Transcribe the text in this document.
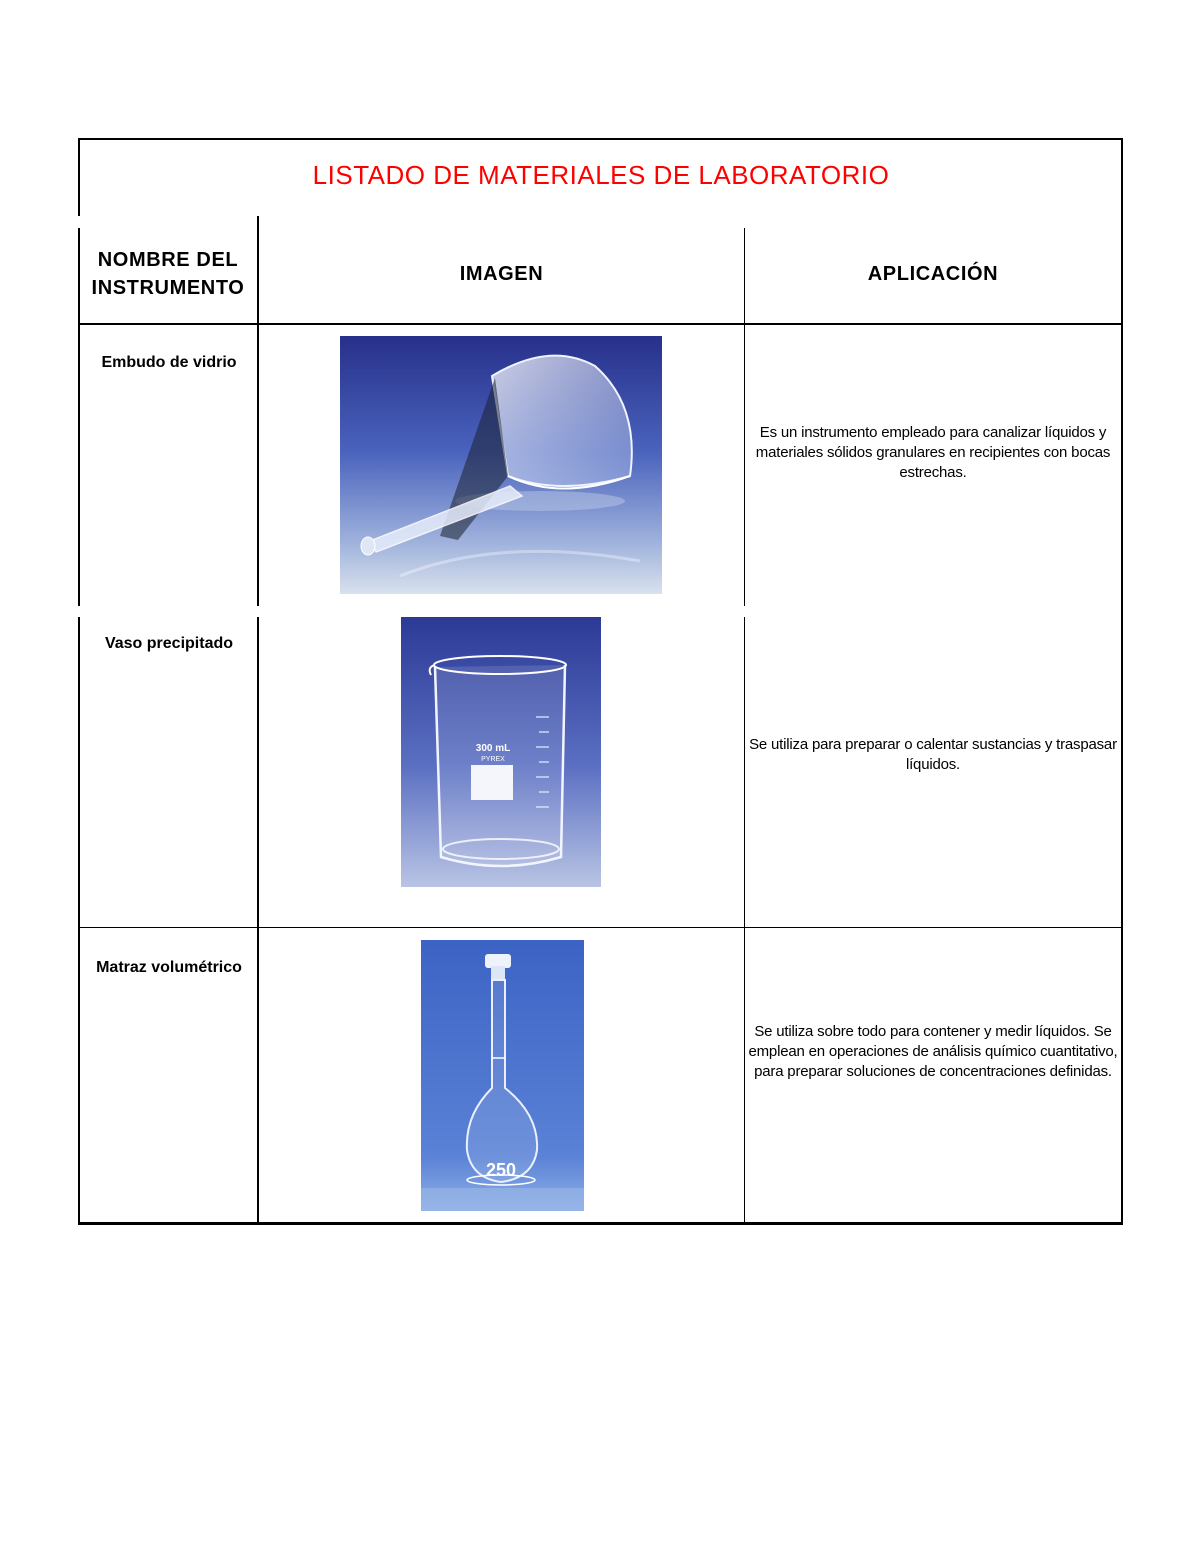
LISTADO DE MATERIALES DE LABORATORIO
NOMBRE DEL INSTRUMENTO
IMAGEN	APLICACIÓN
Embudo de vidrio
Es un instrumento empleado para canalizar líquidos y materiales sólidos granulares en recipientes con bocas estrechas.
Vaso precipitado
300 mL
PYREX
Se utiliza para preparar o calentar sustancias y traspasar líquidos.
Matraz volumétrico
250
Se utiliza sobre todo para contener y medir líquidos. Se emplean en operaciones de análisis químico cuantitativo, para preparar soluciones de concentraciones definidas.
